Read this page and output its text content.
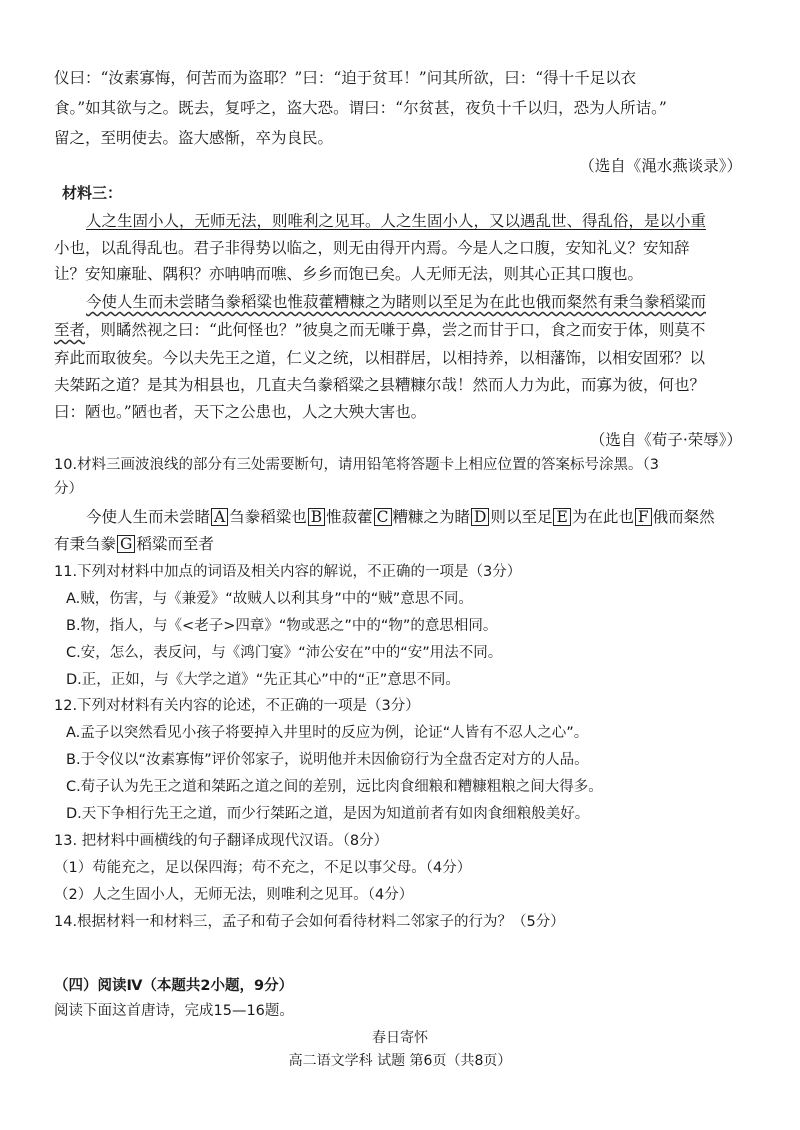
仪曰：“汝素寡悔，何苦而为盗耶？”曰：“迫于贫耳！”问其所欲，曰：“得十千足以衣
食。”如其欲与之。既去，复呼之，盗大恐。谓曰：“尔贫甚，夜负十千以归，恐为人所诘。”
留之，至明使去。盗大感惭，卒为良民。
（选自《渑水燕谈录》）
材料三：
人之生固小人，无师无法，则唯利之见耳。人之生固小人，又以遇乱世、得乱俗，是以小重
小也，以乱得乱也。君子非得势以临之，则无由得开内焉。今是人之口腹，安知礼义？安知辞
让？安知廉耻、隅积？亦呥呥而噍、乡乡而饱已矣。人无师无法，则其心正其口腹也。
今使人生而未尝睹刍豢稻粱也惟菽藿糟糠之为睹则以至足为在此也俄而粲然有秉刍豢稻粱而
至者，则瞲然视之曰：“此何怪也？”彼臭之而无嗛于鼻，尝之而甘于口，食之而安于体，则莫不
弃此而取彼矣。今以夫先王之道，仁义之统，以相群居，以相持养，以相藩饰，以相安固邪？以
夫桀跖之道？是其为相县也，几直夫刍豢稻粱之县糟糠尔哉！然而人力为此，而寡为彼，何也？
曰：陋也。”陋也者，天下之公患也，人之大殃大害也。
（选自《荀子·荣辱》）
10.材料三画波浪线的部分有三处需要断句，请用铅笔将答题卡上相应位置的答案标号涂黑。（3
分）
今使人生而未尝睹 A 刍豢稻粱也 B 惟菽藿 C 糟糠之为睹 D 则以至足 E 为在此也 F 俄而粲然
有秉刍豢 G 稻粱而至者
11.下列对材料中加点的词语及相关内容的解说，不正确的一项是（3分）
A.贼，伤害，与《兼爱》“故贼人以利其身”中的“贼”意思不同。
B.物，指人，与《<老子>四章》“物或恶之”中的“物”的意思相同。
C.安，怎么，表反问，与《鸿门宴》“沛公安在”中的“安”用法不同。
D.正，正如，与《大学之道》“先正其心”中的“正”意思不同。
12.下列对材料有关内容的论述，不正确的一项是（3分）
A.孟子以突然看见小孩子将要掉入井里时的反应为例，论证“人皆有不忍人之心”。
B.于令仪以“汝素寡悔”评价邻家子，说明他并未因偷窃行为全盘否定对方的人品。
C.荀子认为先王之道和桀跖之道之间的差别，远比肉食细粮和糟糠粗粮之间大得多。
D.天下争相行先王之道，而少行桀跖之道，是因为知道前者有如肉食细粮般美好。
13. 把材料中画横线的句子翻译成现代汉语。（8分）
（1）苟能充之，足以保四海；苟不充之，不足以事父母。（4分）
（2）人之生固小人，无师无法，则唯利之见耳。（4分）
14.根据材料一和材料三，孟子和荀子会如何看待材料二邻家子的行为？（5分）
（四）阅读Ⅳ（本题共2小题，9分）
阅读下面这首唐诗，完成15—16题。
春日寄怀
高二语文学科 试题 第6页（共8页）
